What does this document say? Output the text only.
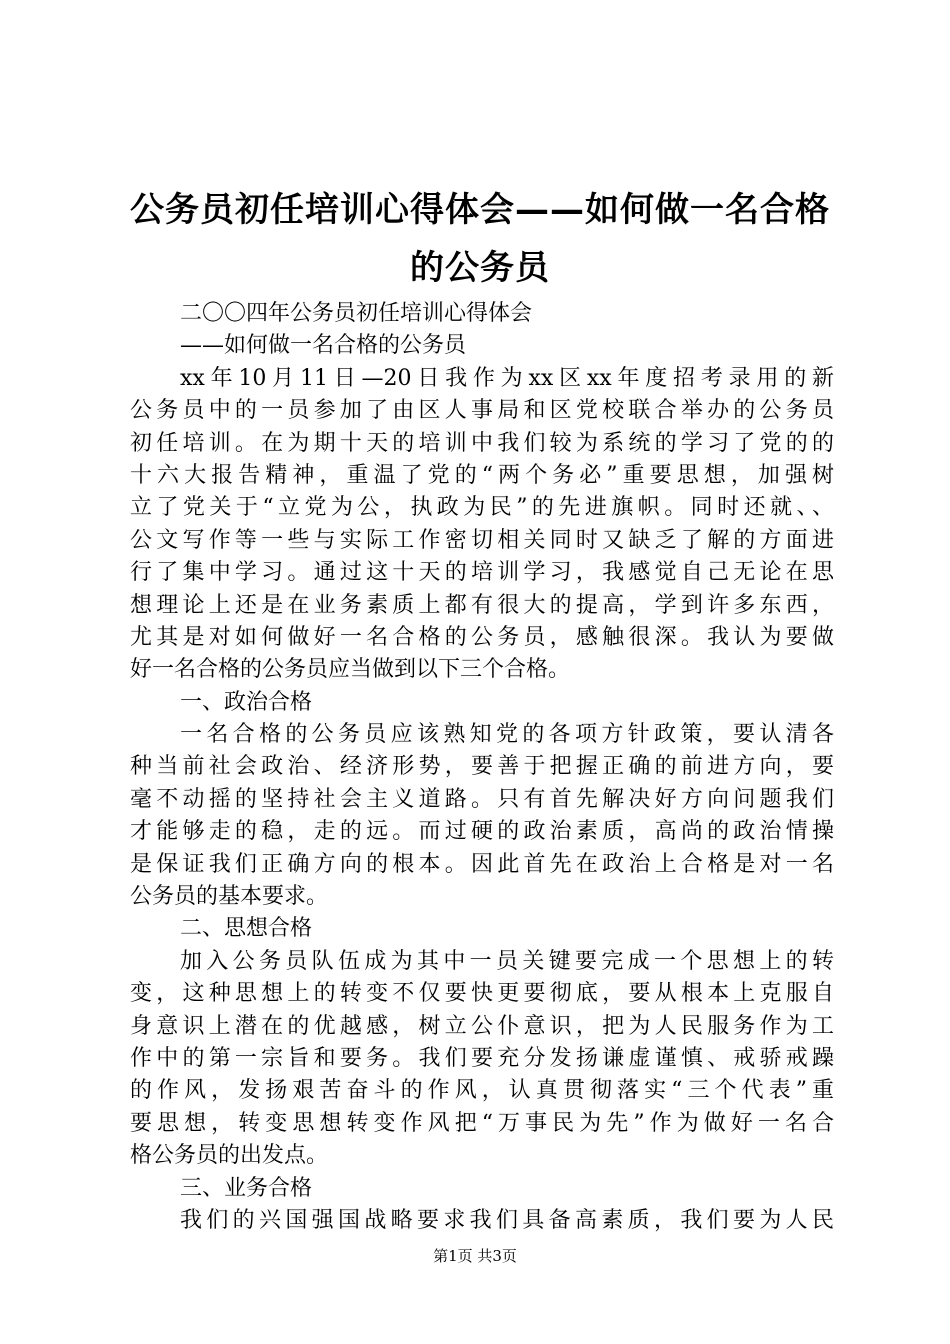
公务员初任培训心得体会——如何做一名合格
的公务员
二〇〇四年公务员初任培训心得体会
——如何做一名合格的公务员
xx年10月11日—20日我作为xx区xx年度招考录用的新
公务员中的一员参加了由区人事局和区党校联合举办的公务员
初任培训。在为期十天的培训中我们较为系统的学习了党的的
十六大报告精神，重温了党的“两个务必”重要思想，加强树
立了党关于“立党为公，执政为民”的先进旗帜。同时还就、、
公文写作等一些与实际工作密切相关同时又缺乏了解的方面进
行了集中学习。通过这十天的培训学习，我感觉自己无论在思
想理论上还是在业务素质上都有很大的提高，学到许多东西，
尤其是对如何做好一名合格的公务员，感触很深。我认为要做
好一名合格的公务员应当做到以下三个合格。
一、政治合格
一名合格的公务员应该熟知党的各项方针政策，要认清各
种当前社会政治、经济形势，要善于把握正确的前进方向，要
毫不动摇的坚持社会主义道路。只有首先解决好方向问题我们
才能够走的稳，走的远。而过硬的政治素质，高尚的政治情操
是保证我们正确方向的根本。因此首先在政治上合格是对一名
公务员的基本要求。
二、思想合格
加入公务员队伍成为其中一员关键要完成一个思想上的转
变，这种思想上的转变不仅要快更要彻底，要从根本上克服自
身意识上潜在的优越感，树立公仆意识，把为人民服务作为工
作中的第一宗旨和要务。我们要充分发扬谦虚谨慎、戒骄戒躁
的作风，发扬艰苦奋斗的作风，认真贯彻落实“三个代表”重
要思想，转变思想转变作风把“万事民为先”作为做好一名合
格公务员的出发点。
三、业务合格
我们的兴国强国战略要求我们具备高素质，我们要为人民
第1页 共3页
